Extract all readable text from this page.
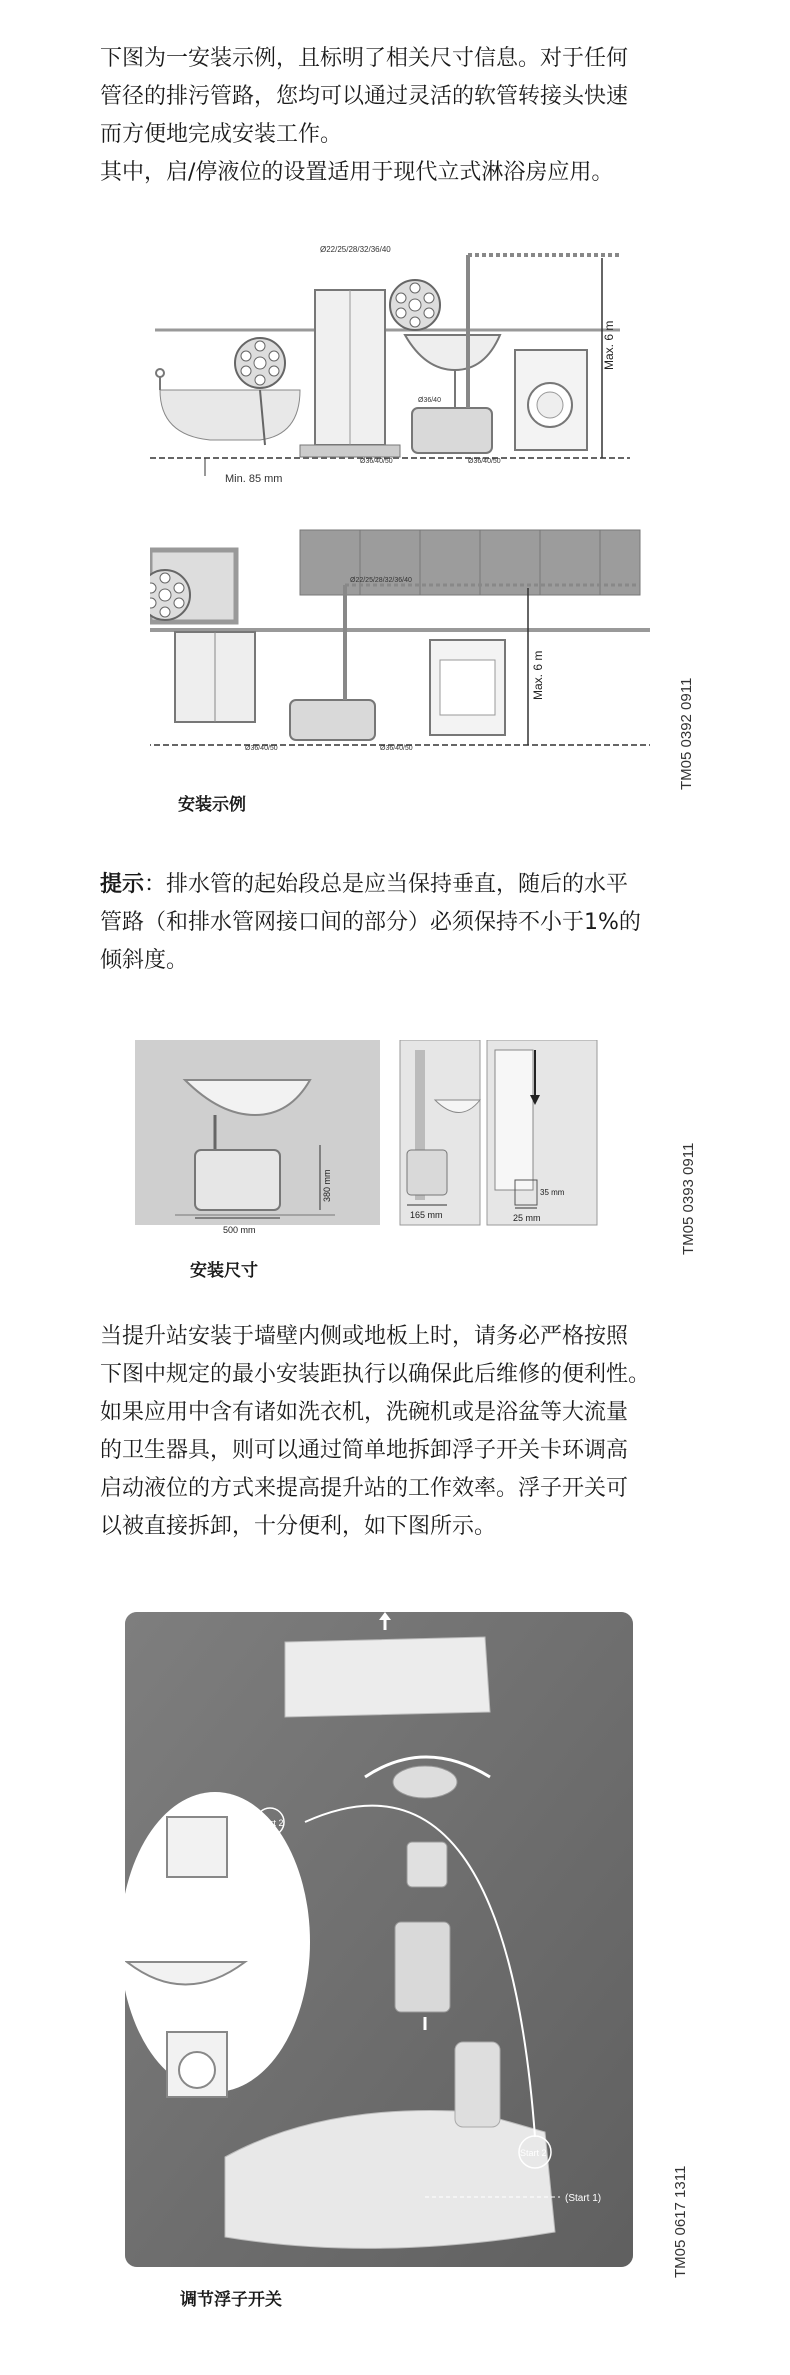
下图为一安装示例，且标明了相关尺寸信息。对于任何

管径的排污管路，您均可以通过灵活的软管转接头快速

而方便地完成安装工作。

其中，启/停液位的设置适用于现代立式淋浴房应用。

Ø22/25/28/32/36/40
Ø36/40
Ø36/40/50	Ø36/40/50
Min. 85 mm
Max. 6 m
Ø22/25/28/32/36/40
Ø36/40/50	Ø36/40/50
Max. 6 m
TM05 0392 0911
安装示例

提示：排水管的起始段总是应当保持垂直，随后的水平

管路（和排水管网接口间的部分）必须保持不小于1%的

倾斜度。

380 mm
500 mm
165 mm	25 mm
35 mm	TM05 0393 0911
安装尺寸

当提升站安装于墙壁内侧或地板上时，请务必严格按照

下图中规定的最小安装距执行以确保此后维修的便利性。

如果应用中含有诸如洗衣机，洗碗机或是浴盆等大流量

的卫生器具，则可以通过简单地拆卸浮子开关卡环调高

启动液位的方式来提高提升站的工作效率。浮子开关可

以被直接拆卸，十分便利，如下图所示。

Start 2
Start 2
(Start 1)	TM05 0617 1311
调节浮子开关
